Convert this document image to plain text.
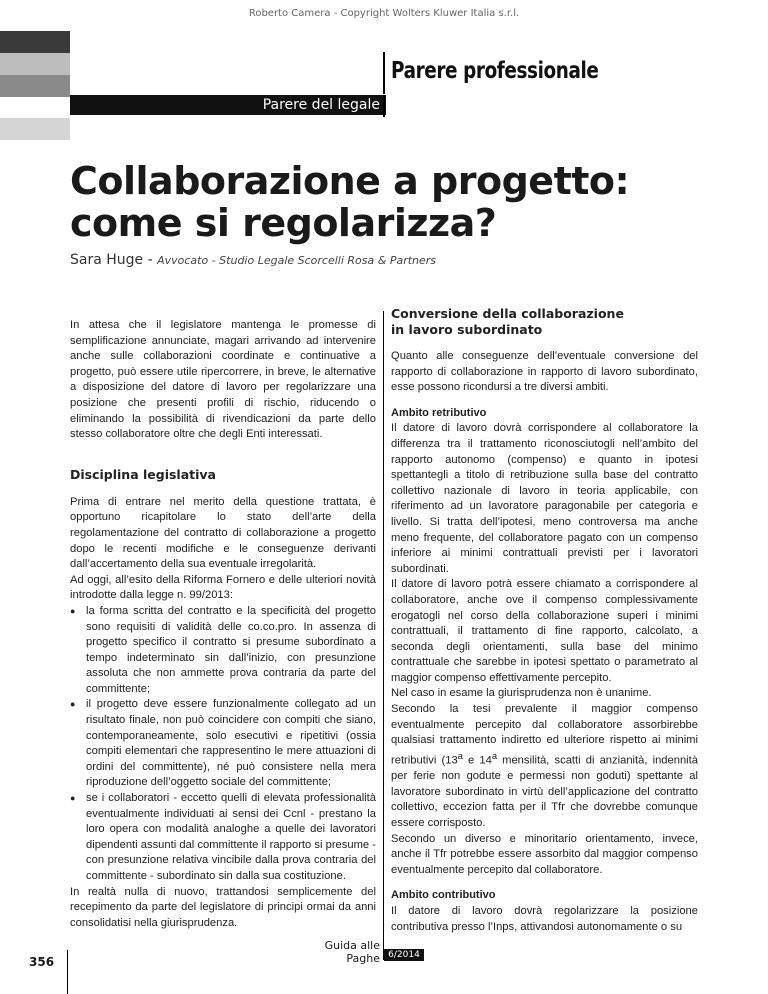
Roberto Camera - Copyright Wolters Kluwer Italia s.r.l.
Parere professionale
Parere del legale
Collaborazione a progetto:
come si regolarizza?
Sara Huge - Avvocato - Studio Legale Scorcelli Rosa & Partners

In attesa che il legislatore mantenga le promesse di semplificazione annunciate, magari arrivando ad intervenire anche sulle collaborazioni coordinate e continuative a progetto, può essere utile ripercorrere, in breve, le alternative a disposizione del datore di lavoro per regolarizzare una posizione che presenti profili di rischio, riducendo o eliminando la possibilità di rivendicazioni da parte dello stesso collaboratore oltre che degli Enti interessati.

Disciplina legislativa

Prima di entrare nel merito della questione trattata, è opportuno ricapitolare lo stato dell’arte della regolamentazione del contratto di collaborazione a progetto dopo le recenti modifiche e le conseguenze derivanti dall’accertamento della sua eventuale irregolarità.

Ad oggi, all’esito della Riforma Fornero e delle ulteriori novità introdotte dalla legge n. 99/2013:

● la forma scritta del contratto e la specificità del progetto sono requisiti di validità delle co.co.pro. In assenza di progetto specifico il contratto si presume subordinato a tempo indeterminato sin dall’inizio, con presunzione assoluta che non ammette prova contraria da parte del committente;
● il progetto deve essere funzionalmente collegato ad un risultato finale, non può coincidere con compiti che siano, contemporaneamente, solo esecutivi e ripetitivi (ossia compiti elementari che rappresentino le mere attuazioni di ordini del committente), né può consistere nella mera riproduzione dell’oggetto sociale del committente;
● se i collaboratori - eccetto quelli di elevata professionalità eventualmente individuati ai sensi dei Ccnl - prestano la loro opera con modalità analoghe a quelle dei lavoratori dipendenti assunti dal committente il rapporto si presume - con presunzione relativa vincibile dalla prova contraria del committente - subordinato sin dalla sua costituzione.

In realtà nulla di nuovo, trattandosi semplicemente del recepimento da parte del legislatore di principi ormai da anni consolidatisi nella giurisprudenza.

Conversione della collaborazione
in lavoro subordinato

Quanto alle conseguenze dell’eventuale conversione del rapporto di collaborazione in rapporto di lavoro subordinato, esse possono ricondursi a tre diversi ambiti.

Ambito retributivo

Il datore di lavoro dovrà corrispondere al collaboratore la differenza tra il trattamento riconosciutogli nell’ambito del rapporto autonomo (compenso) e quanto in ipotesi spettantegli a titolo di retribuzione sulla base del contratto collettivo nazionale di lavoro in teoria applicabile, con riferimento ad un lavoratore paragonabile per categoria e livello. Si tratta dell’ipotesi, meno controversa ma anche meno frequente, del collaboratore pagato con un compenso inferiore ai minimi contrattuali previsti per i lavoratori subordinati.

Il datore di lavoro potrà essere chiamato a corrispondere al collaboratore, anche ove il compenso complessivamente erogatogli nel corso della collaborazione superi i minimi contrattuali, il trattamento di fine rapporto, calcolato, a seconda degli orientamenti, sulla base del minimo contrattuale che sarebbe in ipotesi spettato o parametrato al maggior compenso effettivamente percepito.

Nel caso in esame la giurisprudenza non è unanime.

Secondo la tesi prevalente il maggior compenso eventualmente percepito dal collaboratore assorbirebbe qualsiasi trattamento indiretto ed ulteriore rispetto ai minimi retributivi (13$^a$ e 14$^a$ mensilità, scatti di anzianità, indennità per ferie non godute e permessi non goduti) spettante al lavoratore subordinato in virtù dell’applicazione del contratto collettivo, eccezion fatta per il Tfr che dovrebbe comunque essere corrisposto.

Secondo un diverso e minoritario orientamento, invece, anche il Tfr potrebbe essere assorbito dal maggior compenso eventualmente percepito dal collaboratore.

Ambito contributivo

Il datore di lavoro dovrà regolarizzare la posizione contributiva presso l’Inps, attivandosi autonomamente o su

356
Guida alle Paghe 6/2014
